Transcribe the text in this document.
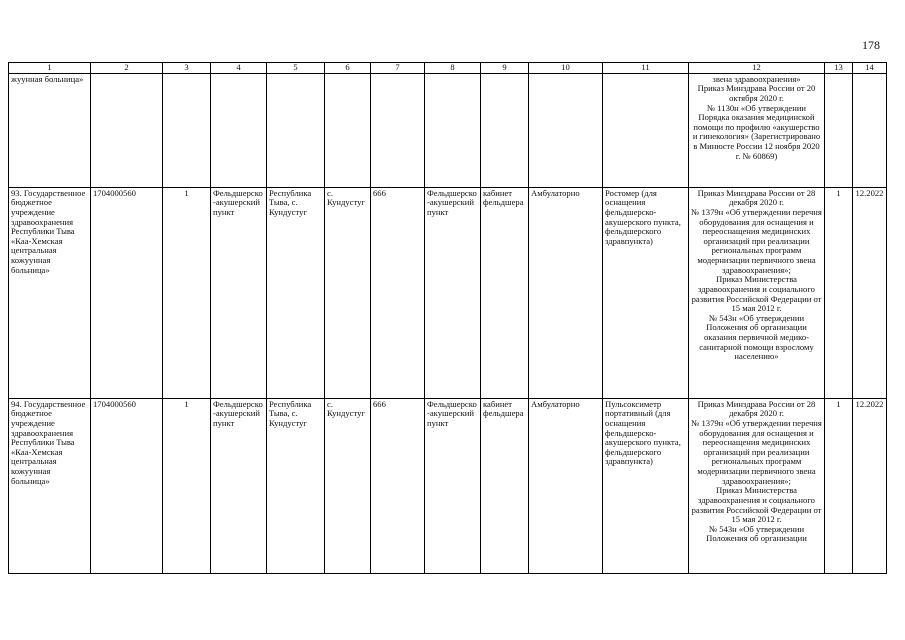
178
1	2	3	4	5	6	7	8	9	10	11	12	13	14
жуунная больница»											звена здравоохранения»
Приказ Минздрава России от 20 октября 2020 г.
№ 1130н «Об утверждении Порядка оказания медицинской помощи по профилю «акушерство и гинекология» (Зарегистрировано в Минюсте России 12 ноября 2020 г. № 60869)		
93. Государственное бюджетное учреждение здравоохранения Республики Тыва «Каа-Хемская центральная кожуунная больница»	1704000560	1	Фельдшерско-акушерский пункт	Республика Тыва, с. Кундустуг	с. Кундустуг	666	Фельдшерско-акушерский пункт	кабинет фельдшера	Амбулаторно	Ростомер (для оснащения фельдшерско-акушерского пункта, фельдшерского здравпункта)	Приказ Минздрава России от 28 декабря 2020 г.
№ 1379н «Об утверждении перечня оборудования для оснащения и переоснащения медицинских организаций при реализации региональных программ модернизации первичного звена здравоохранения»;
Приказ Министерства здравоохранения и социального развития Российской Федерации от 15 мая 2012 г.
№ 543н «Об утверждении Положения об организации оказания первичной медико-санитарной помощи взрослому населению»	1	12.2022
94. Государственное бюджетное учреждение здравоохранения Республики Тыва «Каа-Хемская центральная кожуунная больница»	1704000560	1	Фельдшерско-акушерский пункт	Республика Тыва, с. Кундустуг	с. Кундустуг	666	Фельдшерско-акушерский пункт	кабинет фельдшера	Амбулаторно	Пульсоксиметр портативный (для оснащения фельдшерско-акушерского пункта, фельдшерского здравпункта)	Приказ Минздрава России от 28 декабря 2020 г.
№ 1379н «Об утверждении перечня оборудования для оснащения и переоснащения медицинских организаций при реализации региональных программ модернизации первичного звена здравоохранения»;
Приказ Министерства здравоохранения и социального развития Российской Федерации от 15 мая 2012 г.
№ 543н «Об утверждении Положения об организации	1	12.2022
